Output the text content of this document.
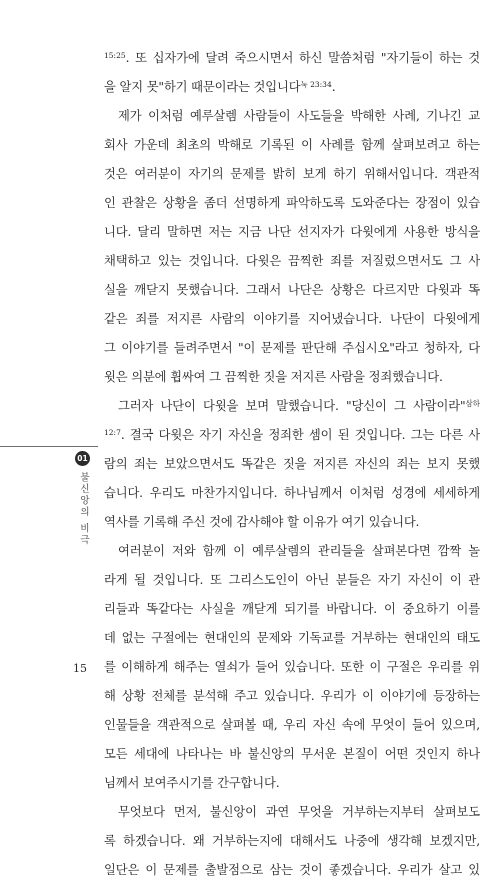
$^{15:25}$. 또 십자가에 달려 죽으시면서 하신 말씀처럼 "자기들이 하는 것
을 알지 못"하기 때문이라는 것입니다$^{눅 23:34}$.
제가 이처럼 예루살렘 사람들이 사도들을 박해한 사례, 기나긴 교
회사 가운데 최초의 박해로 기록된 이 사례를 함께 살펴보려고 하는
것은 여러분이 자기의 문제를 밝히 보게 하기 위해서입니다. 객관적
인 관찰은 상황을 좀더 선명하게 파악하도록 도와준다는 장점이 있습
니다. 달리 말하면 저는 지금 나단 선지자가 다윗에게 사용한 방식을
채택하고 있는 것입니다. 다윗은 끔찍한 죄를 저질렀으면서도 그 사
실을 깨닫지 못했습니다. 그래서 나단은 상황은 다르지만 다윗과 똑
같은 죄를 저지른 사람의 이야기를 지어냈습니다. 나단이 다윗에게
그 이야기를 들려주면서 "이 문제를 판단해 주십시오"라고 청하자, 다
윗은 의분에 휩싸여 그 끔찍한 짓을 저지른 사람을 정죄했습니다.
그러자 나단이 다윗을 보며 말했습니다. "당신이 그 사람이라"$^{삼하}$
$^{12:7}$. 결국 다윗은 자기 자신을 정죄한 셈이 된 것입니다. 그는 다른 사
람의 죄는 보았으면서도 똑같은 짓을 저지른 자신의 죄는 보지 못했
습니다. 우리도 마찬가지입니다. 하나님께서 이처럼 성경에 세세하게
역사를 기록해 주신 것에 감사해야 할 이유가 여기 있습니다.
여러분이 저와 함께 이 예루살렘의 관리들을 살펴본다면 깜짝 놀
라게 될 것입니다. 또 그리스도인이 아닌 분들은 자기 자신이 이 관
리들과 똑같다는 사실을 깨닫게 되기를 바랍니다. 이 중요하기 이를
데 없는 구절에는 현대인의 문제와 기독교를 거부하는 현대인의 태도
를 이해하게 해주는 열쇠가 들어 있습니다. 또한 이 구절은 우리를 위
해 상황 전체를 분석해 주고 있습니다. 우리가 이 이야기에 등장하는
인물들을 객관적으로 살펴볼 때, 우리 자신 속에 무엇이 들어 있으며,
모든 세대에 나타나는 바 불신앙의 무서운 본질이 어떤 것인지 하나
님께서 보여주시기를 간구합니다.
무엇보다 먼저, 불신앙이 과연 무엇을 거부하는지부터 살펴보도
록 하겠습니다. 왜 거부하는지에 대해서도 나중에 생각해 보겠지만,
일단은 이 문제를 출발점으로 삼는 것이 좋겠습니다. 우리가 살고 있
01
불신앙의 비극
15
